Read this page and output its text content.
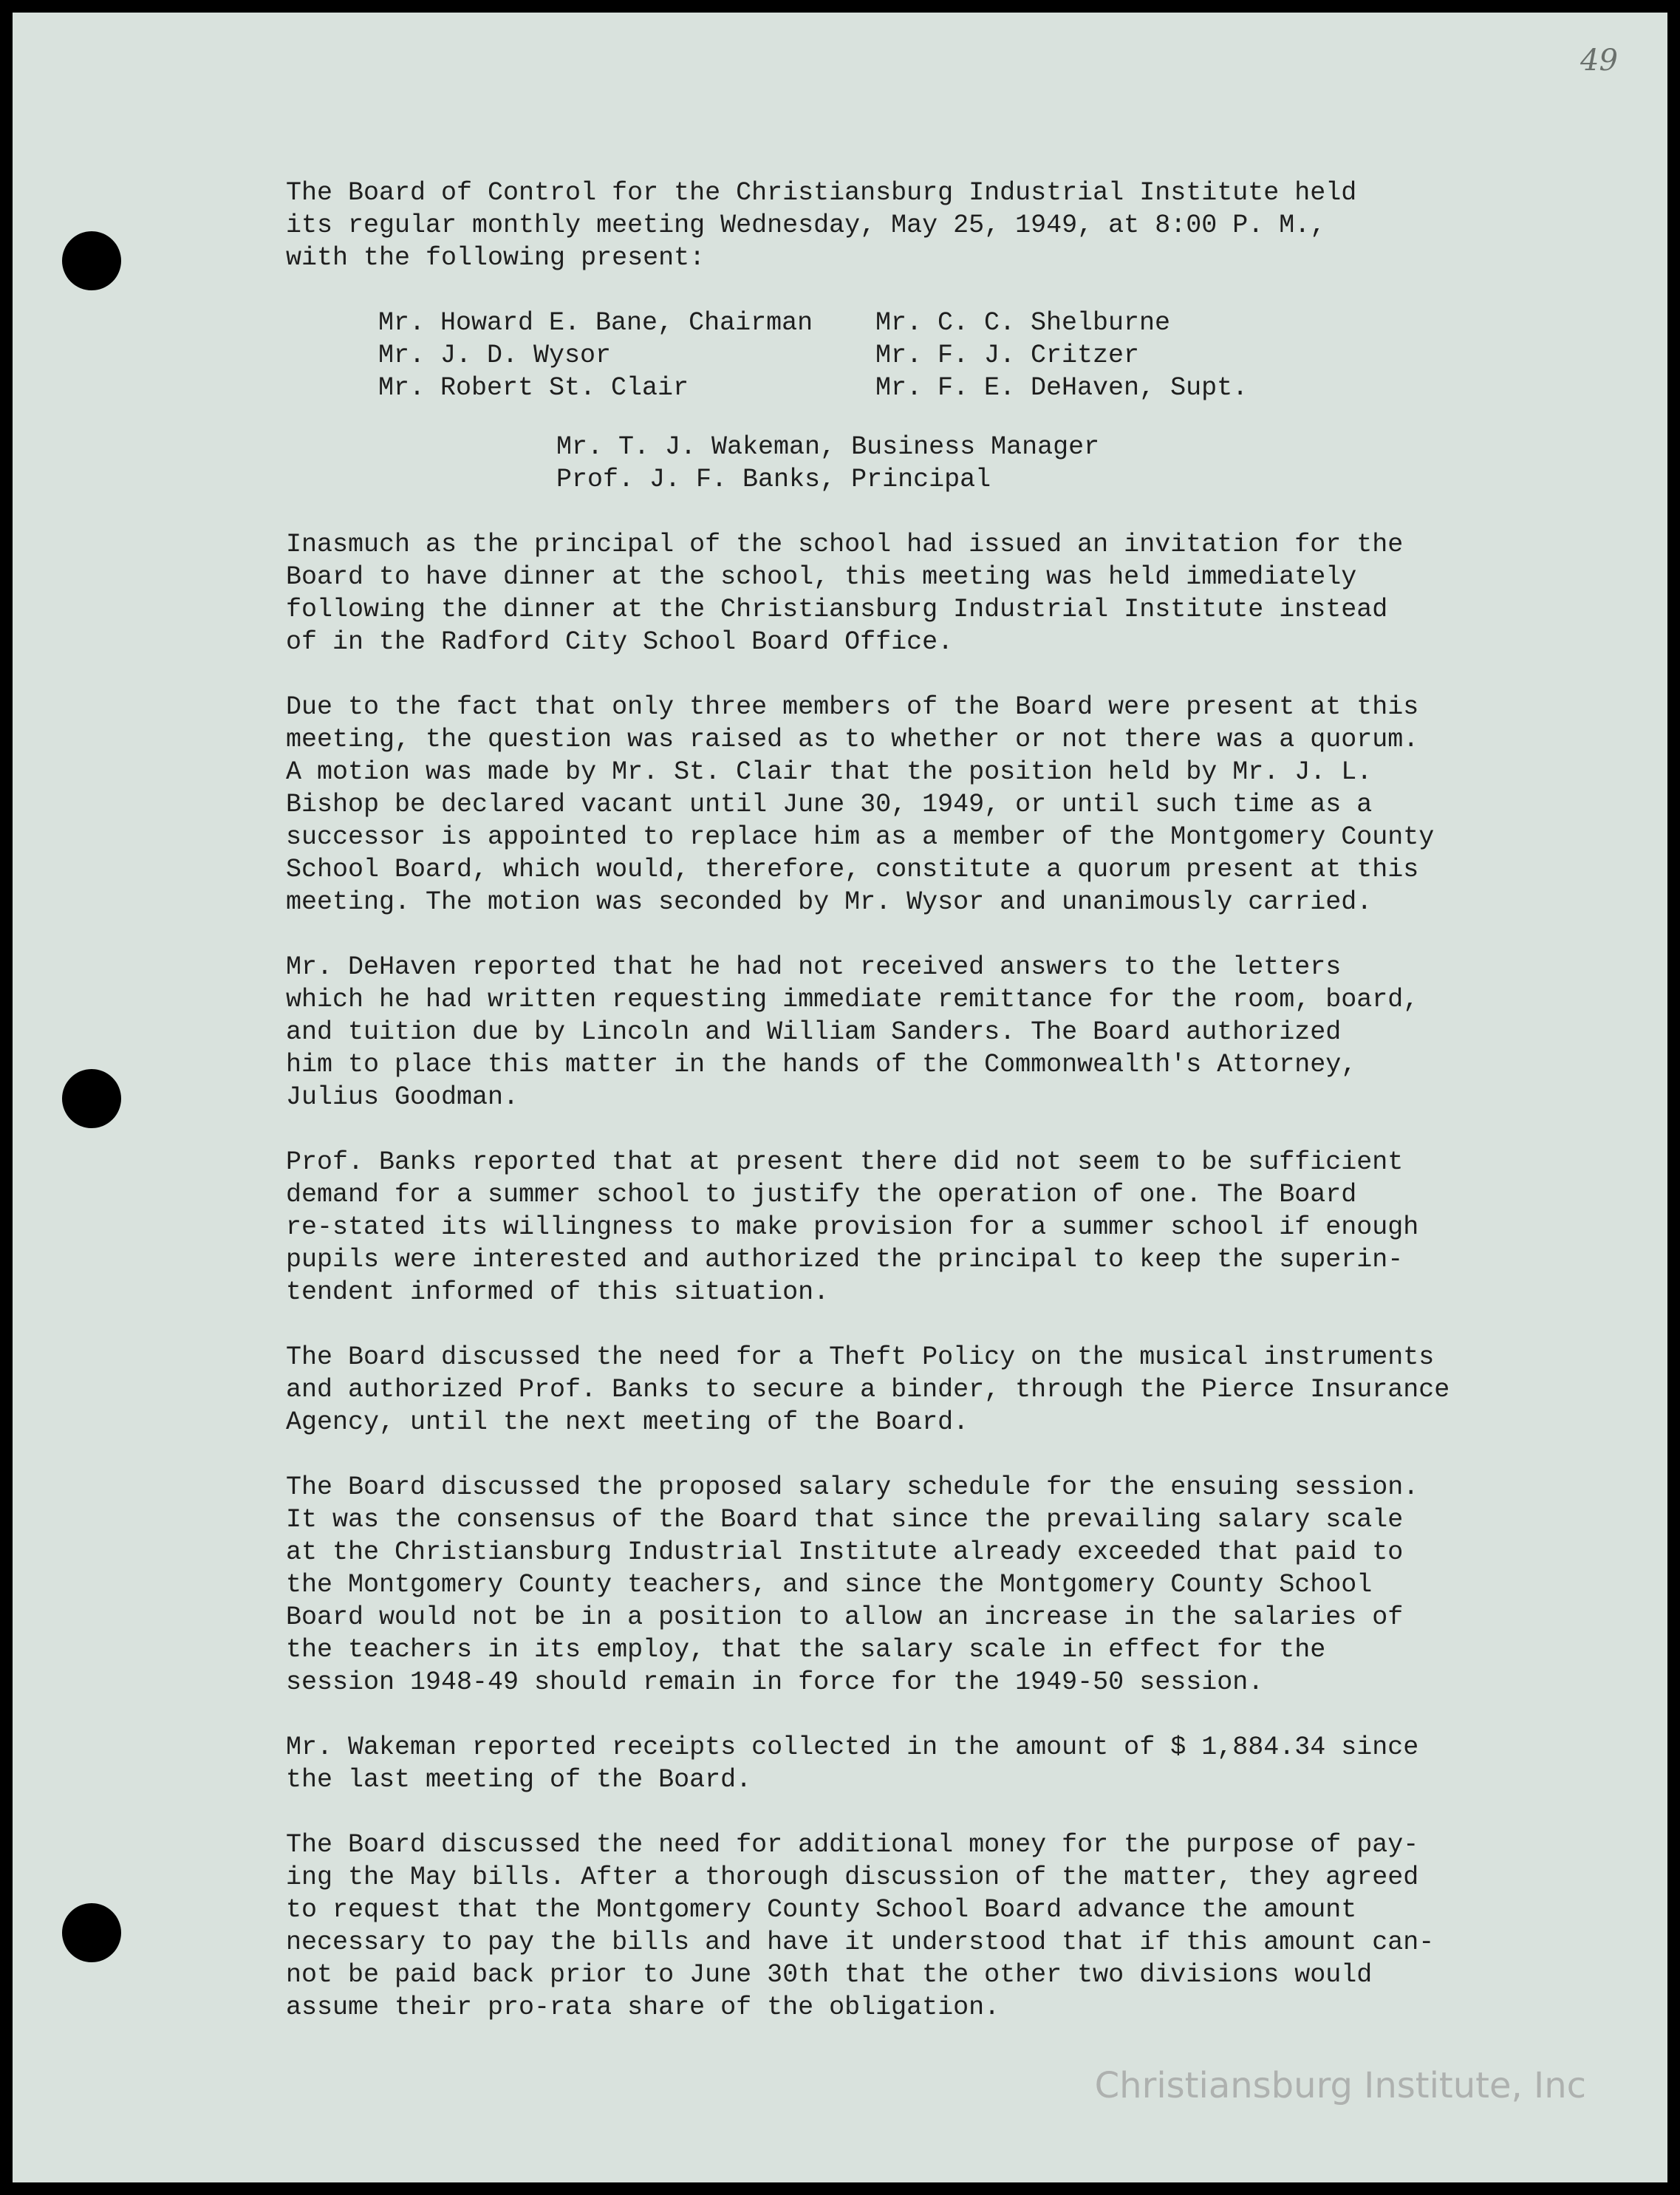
49
The Board of Control for the Christiansburg Industrial Institute held
its regular monthly meeting Wednesday, May 25, 1949, at 8:00 P. M.,
with the following present:
Mr. Howard E. Bane, Chairman	Mr. C. C. Shelburne
Mr. J. D. Wysor	Mr. F. J. Critzer
Mr. Robert St. Clair	Mr. F. E. DeHaven, Supt.
Mr. T. J. Wakeman, Business Manager
Prof. J. F. Banks, Principal
Inasmuch as the principal of the school had issued an invitation for the
Board to have dinner at the school, this meeting was held immediately
following the dinner at the Christiansburg Industrial Institute instead
of in the Radford City School Board Office.
Due to the fact that only three members of the Board were present at this
meeting, the question was raised as to whether or not there was a quorum.
A motion was made by Mr. St. Clair that the position held by Mr. J. L.
Bishop be declared vacant until June 30, 1949, or until such time as a
successor is appointed to replace him as a member of the Montgomery County
School Board, which would, therefore, constitute a quorum present at this
meeting. The motion was seconded by Mr. Wysor and unanimously carried.
Mr. DeHaven reported that he had not received answers to the letters
which he had written requesting immediate remittance for the room, board,
and tuition due by Lincoln and William Sanders. The Board authorized
him to place this matter in the hands of the Commonwealth's Attorney,
Julius Goodman.
Prof. Banks reported that at present there did not seem to be sufficient
demand for a summer school to justify the operation of one. The Board
re-stated its willingness to make provision for a summer school if enough
pupils were interested and authorized the principal to keep the superin-
tendent informed of this situation.
The Board discussed the need for a Theft Policy on the musical instruments
and authorized Prof. Banks to secure a binder, through the Pierce Insurance
Agency, until the next meeting of the Board.
The Board discussed the proposed salary schedule for the ensuing session.
It was the consensus of the Board that since the prevailing salary scale
at the Christiansburg Industrial Institute already exceeded that paid to
the Montgomery County teachers, and since the Montgomery County School
Board would not be in a position to allow an increase in the salaries of
the teachers in its employ, that the salary scale in effect for the
session 1948-49 should remain in force for the 1949-50 session.
Mr. Wakeman reported receipts collected in the amount of $ 1,884.34 since
the last meeting of the Board.
The Board discussed the need for additional money for the purpose of pay-
ing the May bills. After a thorough discussion of the matter, they agreed
to request that the Montgomery County School Board advance the amount
necessary to pay the bills and have it understood that if this amount can-
not be paid back prior to June 30th that the other two divisions would
assume their pro-rata share of the obligation.
Christiansburg Institute, Inc
